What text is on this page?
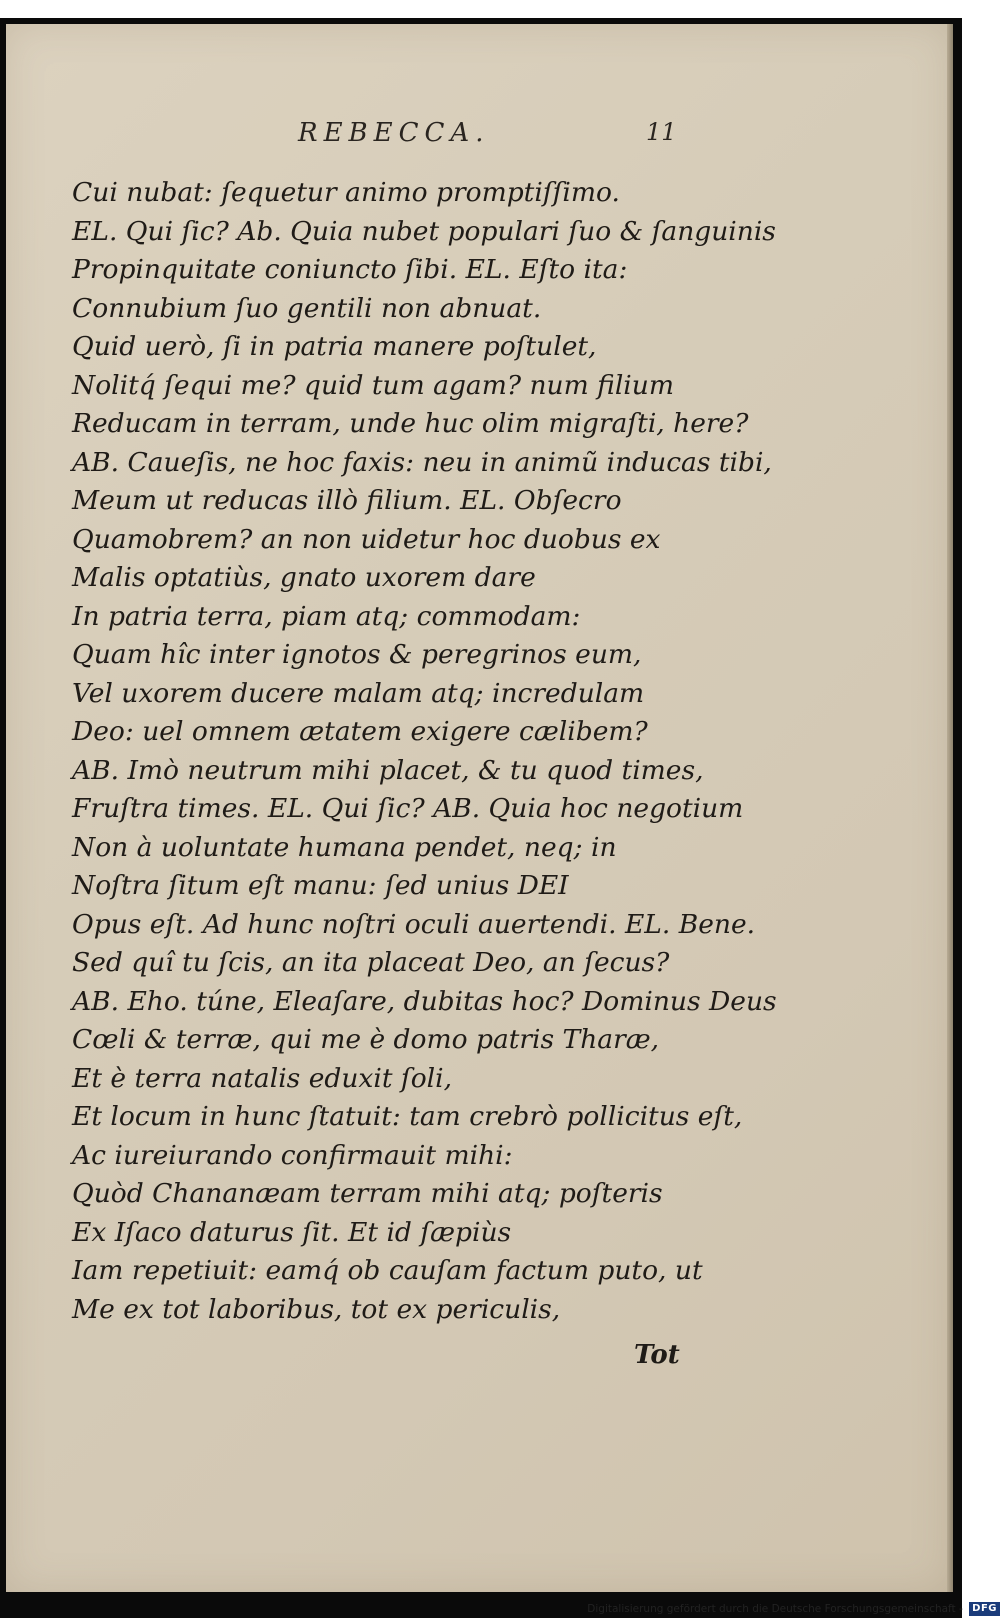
REBECCA.	11
Cui nubat: ſequetur animo promptiſſimo.
EL. Qui ſic? Ab. Quia nubet populari ſuo & ſanguinis
Propinquitate coniuncto ſibi. EL. Eſto ita:
Connubium ſuo gentili non abnuat.
Quid uerò, ſi in patria manere poſtulet,
Nolitq́ ſequi me? quid tum agam? num filium
Reducam in terram, unde huc olim migraſti, here?
AB. Caueſis, ne hoc faxis: neu in animũ inducas tibi,
Meum ut reducas illò filium. EL. Obſecro
Quamobrem? an non uidetur hoc duobus ex
Malis optatiùs, gnato uxorem dare
In patria terra, piam atq; commodam:
Quam hîc inter ignotos & peregrinos eum,
Vel uxorem ducere malam atq; incredulam
Deo: uel omnem ætatem exigere cælibem?
AB. Imò neutrum mihi placet, & tu quod times,
Fruſtra times. EL. Qui ſic? AB. Quia hoc negotium
Non à uoluntate humana pendet, neq; in
Noſtra ſitum eſt manu: ſed unius DEI
Opus eſt. Ad hunc noſtri oculi auertendi. EL. Bene.
Sed quî tu ſcis, an ita placeat Deo, an ſecus?
AB. Eho. túne, Eleaſare, dubitas hoc? Dominus Deus
Cœli & terræ, qui me è domo patris Tharæ,
Et è terra natalis eduxit ſoli,
Et locum in hunc ſtatuit: tam crebrò pollicitus eſt,
Ac iureiurando confirmauit mihi:
Quòd Chananæam terram mihi atq; poſteris
Ex Iſaco daturus ſit. Et id ſæpiùs
Iam repetiuit: eamq́ ob cauſam factum puto, ut
Me ex tot laboribus, tot ex periculis,
Tot
Digitalisierung gefördert durch die Deutsche Forschungsgemeinschaft - DFG
